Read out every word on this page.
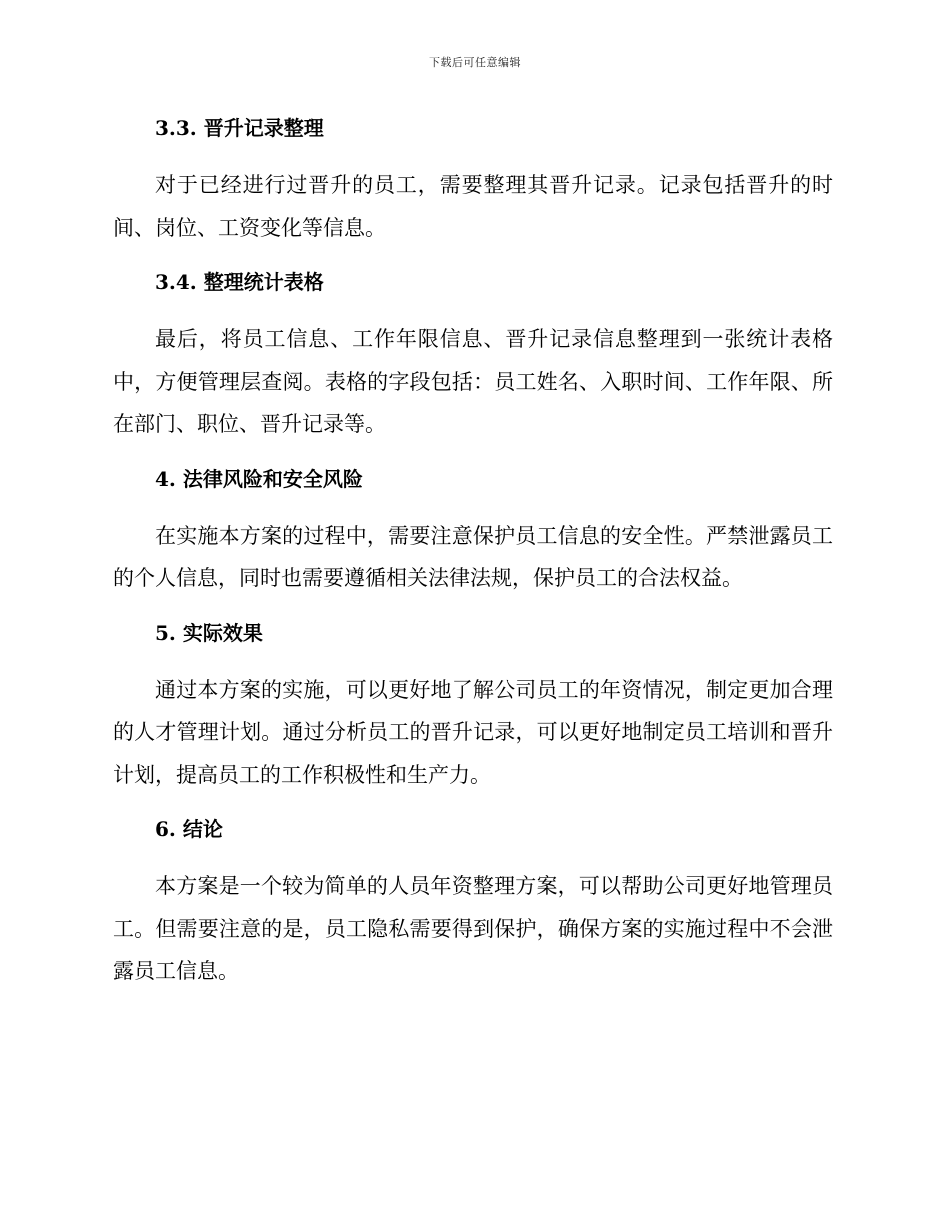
下载后可任意编辑
3.3. 晋升记录整理

对于已经进行过晋升的员工，需要整理其晋升记录。记录包括晋升的时间、岗位、工资变化等信息。

3.4. 整理统计表格

最后，将员工信息、工作年限信息、晋升记录信息整理到一张统计表格中，方便管理层查阅。表格的字段包括：员工姓名、入职时间、工作年限、所在部门、职位、晋升记录等。

4. 法律风险和安全风险

在实施本方案的过程中，需要注意保护员工信息的安全性。严禁泄露员工的个人信息，同时也需要遵循相关法律法规，保护员工的合法权益。

5. 实际效果

通过本方案的实施，可以更好地了解公司员工的年资情况，制定更加合理的人才管理计划。通过分析员工的晋升记录，可以更好地制定员工培训和晋升计划，提高员工的工作积极性和生产力。

6. 结论

本方案是一个较为简单的人员年资整理方案，可以帮助公司更好地管理员工。但需要注意的是，员工隐私需要得到保护，确保方案的实施过程中不会泄露员工信息。
